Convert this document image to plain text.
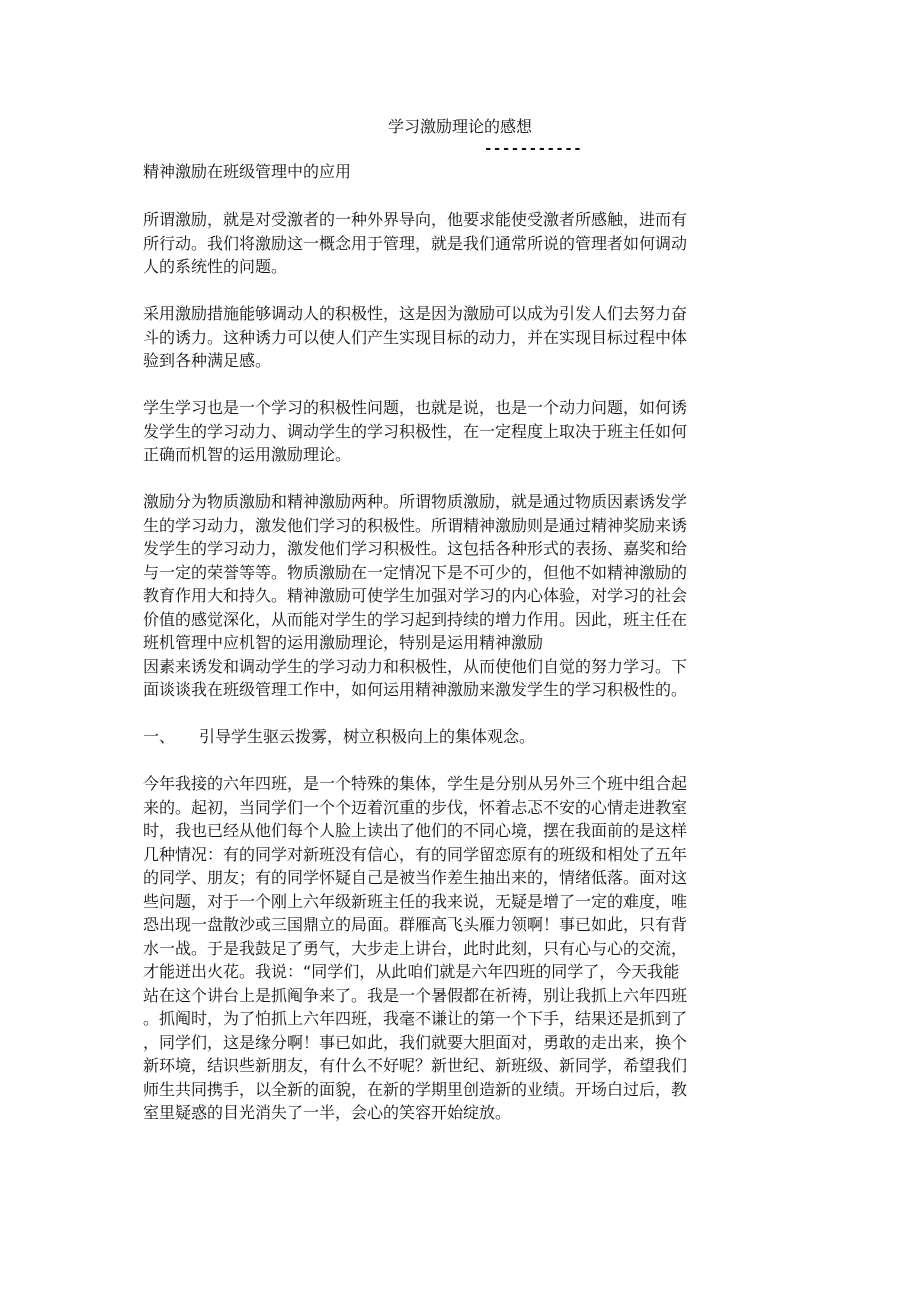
学习激励理论的感想
-----------
精神激励在班级管理中的应用

所谓激励，就是对受激者的一种外界导向，他要求能使受激者所感触，进而有
所行动。我们将激励这一概念用于管理，就是我们通常所说的管理者如何调动
人的系统性的问题。

采用激励措施能够调动人的积极性，这是因为激励可以成为引发人们去努力奋
斗的诱力。这种诱力可以使人们产生实现目标的动力，并在实现目标过程中体
验到各种满足感。

学生学习也是一个学习的积极性问题，也就是说，也是一个动力问题，如何诱
发学生的学习动力、调动学生的学习积极性，在一定程度上取决于班主任如何
正确而机智的运用激励理论。

激励分为物质激励和精神激励两种。所谓物质激励，就是通过物质因素诱发学
生的学习动力，激发他们学习的积极性。所谓精神激励则是通过精神奖励来诱
发学生的学习动力，激发他们学习积极性。这包括各种形式的表扬、嘉奖和给
与一定的荣誉等等。物质激励在一定情况下是不可少的，但他不如精神激励的
教育作用大和持久。精神激励可使学生加强对学习的内心体验，对学习的社会
价值的感觉深化，从而能对学生的学习起到持续的增力作用。因此，班主任在
班机管理中应机智的运用激励理论，特别是运用精神激励
因素来诱发和调动学生的学习动力和积极性，从而使他们自觉的努力学习。下
面谈谈我在班级管理工作中，如何运用精神激励来激发学生的学习积极性的。

一、 引导学生驱云拨雾，树立积极向上的集体观念。

今年我接的六年四班，是一个特殊的集体，学生是分别从另外三个班中组合起
来的。起初，当同学们一个个迈着沉重的步伐，怀着忐忑不安的心情走进教室
时，我也已经从他们每个人脸上读出了他们的不同心境，摆在我面前的是这样
几种情况：有的同学对新班没有信心，有的同学留恋原有的班级和相处了五年
的同学、朋友；有的同学怀疑自己是被当作差生抽出来的，情绪低落。面对这
些问题，对于一个刚上六年级新班主任的我来说，无疑是增了一定的难度，唯
恐出现一盘散沙或三国鼎立的局面。群雁高飞头雁力领啊！事已如此，只有背
水一战。于是我鼓足了勇气，大步走上讲台，此时此刻，只有心与心的交流，
才能迸出火花。我说：“同学们，从此咱们就是六年四班的同学了，今天我能
站在这个讲台上是抓阄争来了。我是一个暑假都在祈祷，别让我抓上六年四班
。抓阄时，为了怕抓上六年四班，我毫不谦让的第一个下手，结果还是抓到了
，同学们，这是缘分啊！事已如此，我们就要大胆面对，勇敢的走出来，换个
新环境，结识些新朋友，有什么不好呢？新世纪、新班级、新同学，希望我们
师生共同携手，以全新的面貌，在新的学期里创造新的业绩。开场白过后，教
室里疑惑的目光消失了一半，会心的笑容开始绽放。
